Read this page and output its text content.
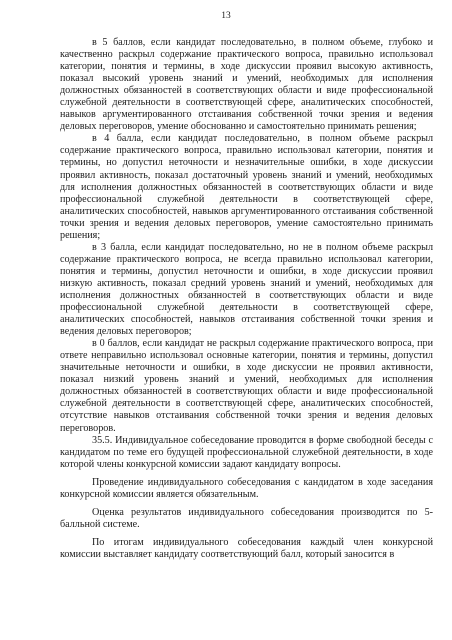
13

в 5 баллов, если кандидат последовательно, в полном объеме, глубоко и качественно раскрыл содержание практического вопроса, правильно использовал категории, понятия и термины, в ходе дискуссии проявил высокую активность, показал высокий уровень знаний и умений, необходимых для исполнения должностных обязанностей в соответствующих области и виде профессиональной служебной деятельности в соответствующей сфере, аналитических способностей, навыков аргументированного отстаивания собственной точки зрения и ведения деловых переговоров, умение обоснованно и самостоятельно принимать решения;

в 4 балла, если кандидат последовательно, в полном объеме раскрыл содержание практического вопроса, правильно использовал категории, понятия и термины, но допустил неточности и незначительные ошибки, в ходе дискуссии проявил активность, показал достаточный уровень знаний и умений, необходимых для исполнения должностных обязанностей в соответствующих области и виде профессиональной служебной деятельности в соответствующей сфере, аналитических способностей, навыков аргументированного отстаивания собственной точки зрения и ведения деловых переговоров, умение самостоятельно принимать решения;

в 3 балла, если кандидат последовательно, но не в полном объеме раскрыл содержание практического вопроса, не всегда правильно использовал категории, понятия и термины, допустил неточности и ошибки, в ходе дискуссии проявил низкую активность, показал средний уровень знаний и умений, необходимых для исполнения должностных обязанностей в соответствующих области и виде профессиональной служебной деятельности в соответствующей сфере, аналитических способностей, навыков отстаивания собственной точки зрения и ведения деловых переговоров;

в 0 баллов, если кандидат не раскрыл содержание практического вопроса, при ответе неправильно использовал основные категории, понятия и термины, допустил значительные неточности и ошибки, в ходе дискуссии не проявил активности, показал низкий уровень знаний и умений, необходимых для исполнения должностных обязанностей в соответствующих области и виде профессиональной служебной деятельности в соответствующей сфере, аналитических способностей, отсутствие навыков отстаивания собственной точки зрения и ведения деловых переговоров.

35.5. Индивидуальное собеседование проводится в форме свободной беседы с кандидатом по теме его будущей профессиональной служебной деятельности, в ходе которой члены конкурсной комиссии задают кандидату вопросы.

Проведение индивидуального собеседования с кандидатом в ходе заседания конкурсной комиссии является обязательным.

Оценка результатов индивидуального собеседования производится по 5-балльной системе.

По итогам индивидуального собеседования каждый член конкурсной комиссии выставляет кандидату соответствующий балл, который заносится в
